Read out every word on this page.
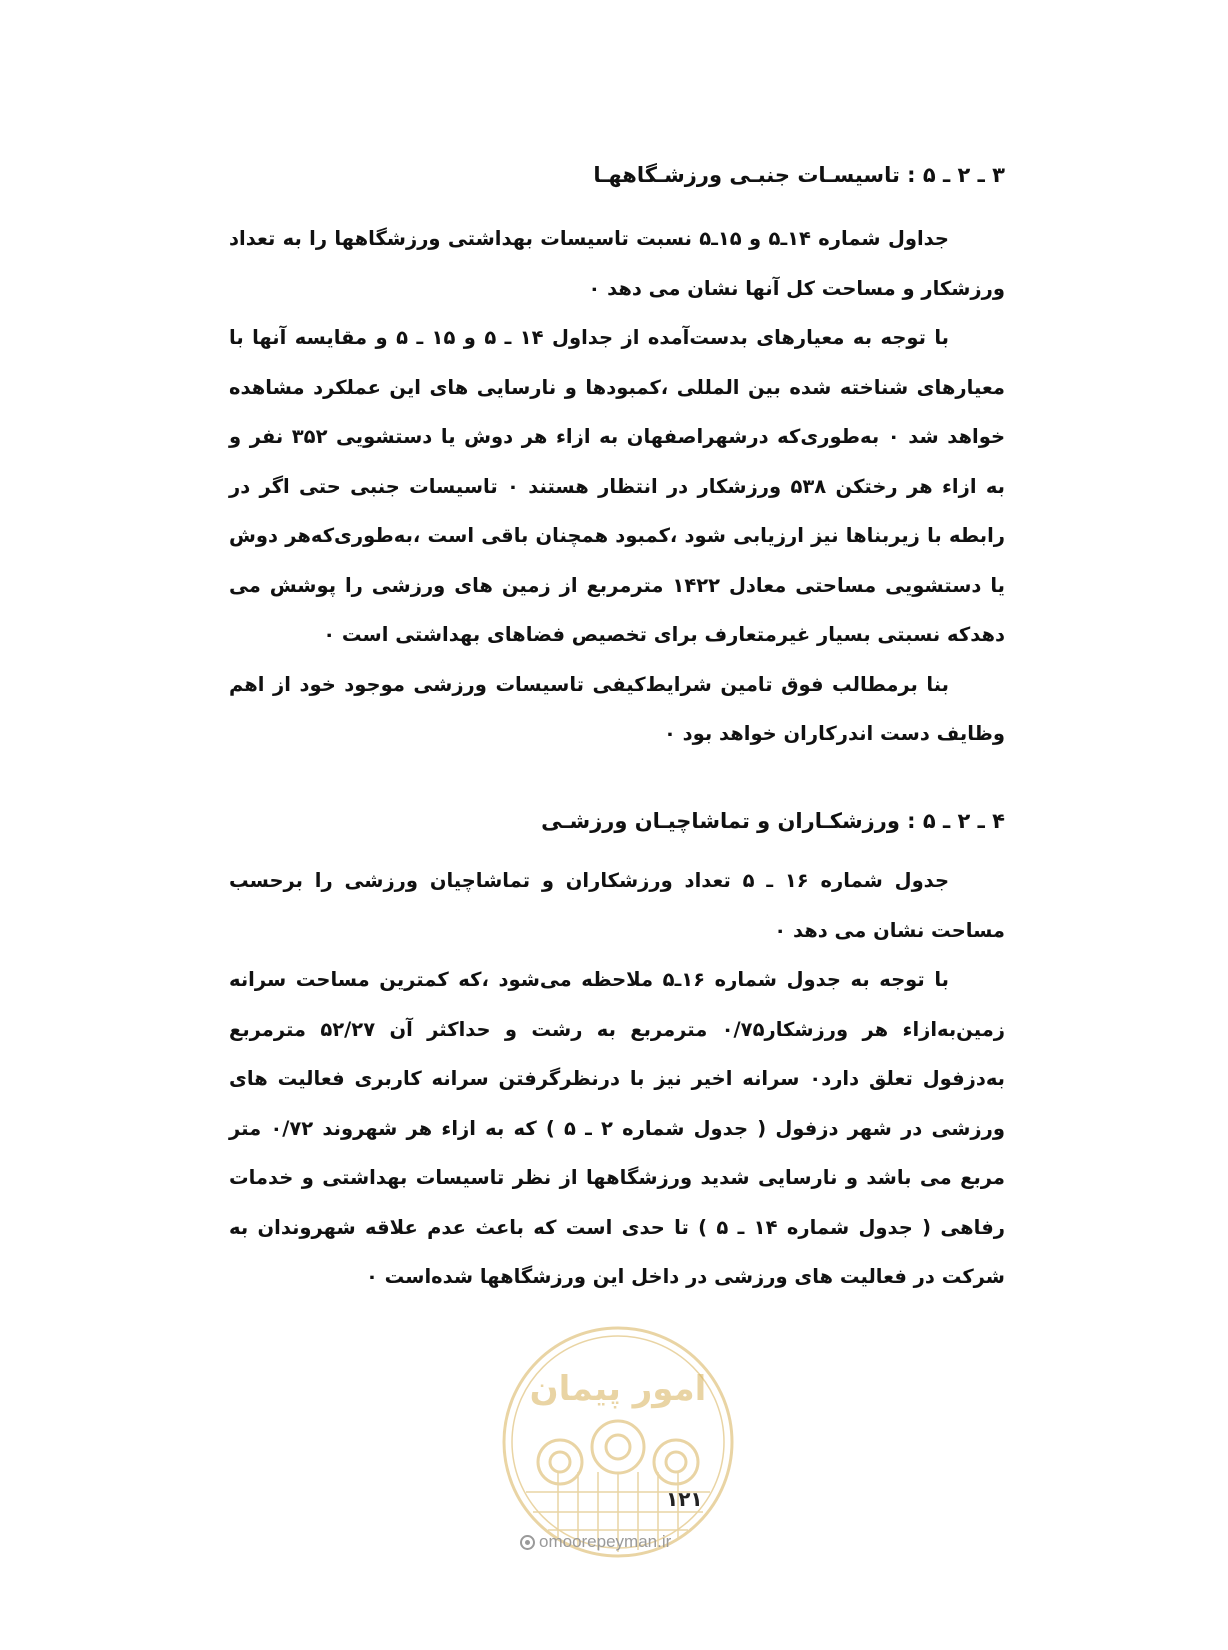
۳ ـ ۲ ـ ۵ : تاسیسـات جنبـی ورزشـگاههـا

جداول شماره ۱۴ـ۵ و ۱۵ـ۵ نسبت تاسیسات بهداشتی ورزشگاهها را به تعداد ورزشکار و مساحت کل آنها نشان می دهد ۰

با توجه به معیارهای بدست‌آمده از جداول ۱۴ ـ ۵ و ۱۵ ـ ۵ و مقایسه آنها با معیارهای شناخته شده بین المللی ،کمبودها و نارسایی های این عملکرد مشاهده خواهد شد ۰ به‌طوری‌که درشهراصفهان به ازاء هر دوش یا دستشویی ۳۵۲ نفر و به ازاء هر رختکن ۵۳۸ ورزشکار در انتظار هستند ۰ تاسیسات جنبی حتی اگر در رابطه با زیربناها نیز ارزیابی شود ،کمبود همچنان باقی است ،به‌طوری‌که‌هر دوش یا دستشویی مساحتی معادل ۱۴۲۲ مترمربع از زمین های ورزشی را پوشش می دهدکه نسبتی بسیار غیرمتعارف برای تخصیص فضاهای بهداشتی است ۰

بنا برمطالب فوق تامین شرایط‌کیفی تاسیسات ورزشی موجود خود از اهم وظایف دست اندرکاران خواهد بود ۰

۴ ـ ۲ ـ ۵ : ورزشکـاران و تماشاچیـان ورزشـی

جدول شماره ۱۶ ـ ۵ تعداد ورزشکاران و تماشاچیان ورزشی را برحسب مساحت نشان می دهد ۰

با توجه به جدول شماره ۱۶ـ۵ ملاحظه می‌شود ،که کمترین مساحت سرانه زمین‌به‌ازاء هر ورزشکار۰/۷۵ مترمربع به رشت و حداکثر آن ۵۲/۲۷ مترمربع به‌دزفول تعلق دارد۰ سرانه اخیر نیز با درنظرگرفتن سرانه کاربری فعالیت های ورزشی در شهر دزفول ( جدول شماره ۲ ـ ۵ ) که به ازاء هر شهروند ۰/۷۲ متر مربع می باشد و نارسایی شدید ورزشگاهها از نظر تاسیسات بهداشتی و خدمات رفاهی ( جدول شماره ۱۴ ـ ۵ ) تا حدی است که باعث عدم علاقه شهروندان به شرکت در فعالیت های ورزشی در داخل این ورزشگاهها شده‌است ۰

امور پیمان
۱۲۱
omoorepeyman.ir
